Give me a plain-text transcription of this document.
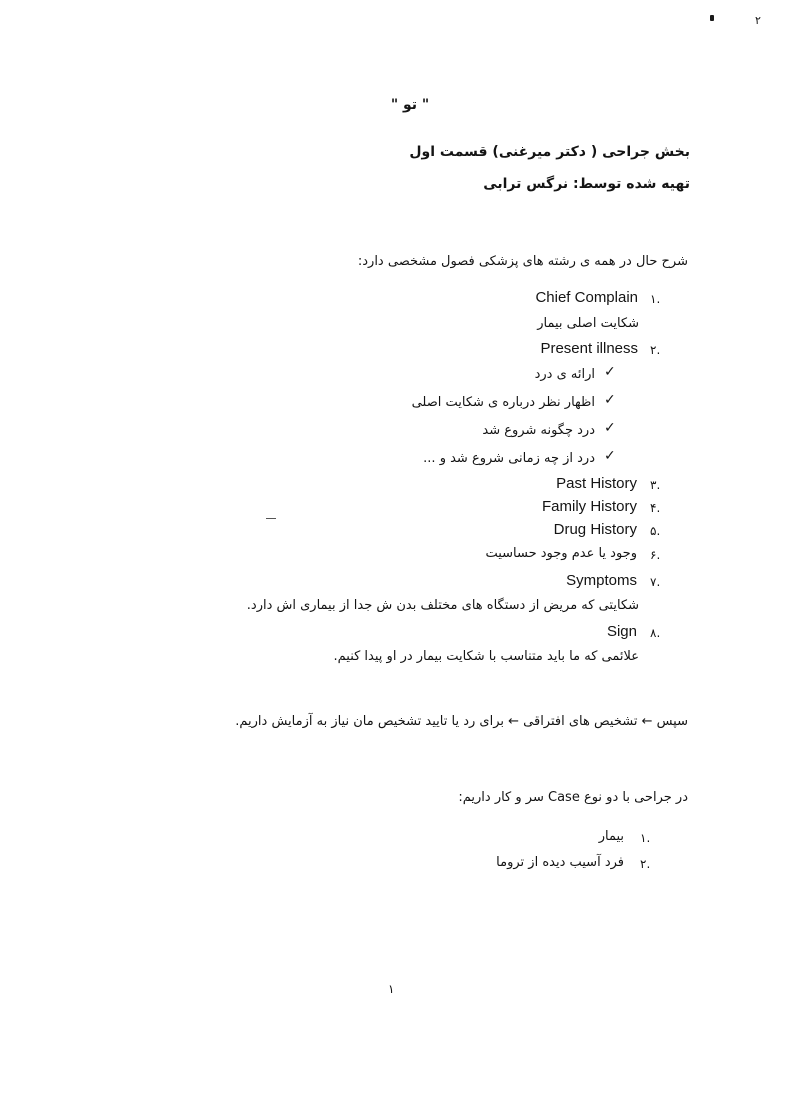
٢
" تو "
بخش جراحی ( دکتر میرغنی) قسمت اول
تهیه شده توسط: نرگس ترابی
شرح حال در همه ی رشته های پزشکی فصول مشخصی دارد:
١.
Chief Complain
شکایت اصلی بیمار
٢.
Present illness
✓
ارائه ی درد
✓
اظهار نظر درباره ی شکایت اصلی
✓
درد چگونه شروع شد
✓
درد از چه زمانی شروع شد و ...
٣.
Past History
۴.
Family History
۵.
Drug History
۶.
وجود یا عدم وجود حساسیت
٧.
Symptoms
شکایتی که مریض از دستگاه های مختلف بدن ش جدا از بیماری اش دارد.
٨.
Sign
علائمی که ما باید متناسب با شکایت بیمار در او پیدا کنیم.
سپس ← تشخیص های افتراقی ← برای رد یا تایید تشخیص مان نیاز به آزمایش داریم.
در جراحی با دو نوع Case سر و کار داریم:
١.
بیمار
٢.
فرد آسیب دیده از تروما
١
